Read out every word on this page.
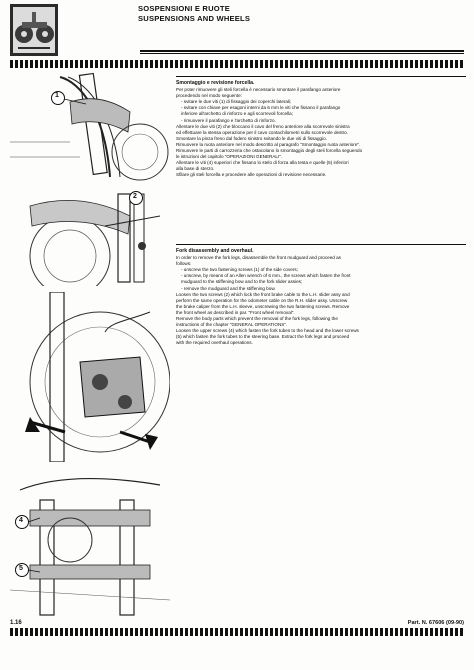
SOSPENSIONI E RUOTE
SUSPENSIONS AND WHEELS
1
2
4
5

Smontaggio e revisione forcella.

Per poter rimuovere gli steli forcella è necessario smontare il parafango anteriore

procedendo nel modo seguente:

- svitare le due viti (1) di fissaggio dei coperchi laterali;

- svitare con chiave per esagoni interni da 6 mm le viti che fissano il parafango

inferiore all'archetto di rinforzo e agli scorrevoli forcella;

- rimuovere il parafango e l'archetto di rinforzo.

Allentare le due viti (2) che bloccano il cavo del freno anteriore alla scorrevole sinistra

ed effettuare la stessa operazione per il cavo contachilometri sullo scorrevole destro.

Smontare la pinza freno dal fodero sinistro svitando le due viti di fissaggio.

Rimuovere la ruota anteriore nel modo descritto al paragrafo "Smontaggio ruota anteriore".

Rimuovere le parti di carrozzeria che ostacolano lo smontaggio degli steli forcella seguendo

le istruzioni del capitolo "OPERAZIONI GENERALI".

Allentare le viti (4) superiori che fissano lo stelo di forza alla testa e quelle (5) inferiori

alla base di sterzo.

Sfilare gli steli forcella e procedere alle operazioni di revisione necessarie.

Fork disassembly and overhaul.

In order to remove the fork legs, disassemble the front mudguard and proceed as

follows:

- unscrew the two fastening screws (1) of the side covers;

- unscrew, by means of an Allen wrench of 6 mm., the screws which fasten the front

mudguard to the stiffening bow and to the fork slider assies;

- remove the mudguard and the stiffening bow.

Loosen the two screws (2) which lock the front brake cable to the L.H. slider assy and

perform the same operation for the odometer cable on the R.H. slider assy. Unscrew

the brake caliper from the L.H. sleeve, unscrewing the two fastening screws. Remove

the front wheel as described in par. "Front wheel removal".

Remove the body parts which prevent the removal of the fork legs, following the

instructions of the chapter "GENERAL OPERATIONS".

Loosen the upper screws (4) which fasten the fork tubes to the head and the lower screws

(5) which fasten the fork tubes to the steering base. Extract the fork legs and proceed

with the required overhaul operations.

1.16	Part. N. 67606 (09-90)
